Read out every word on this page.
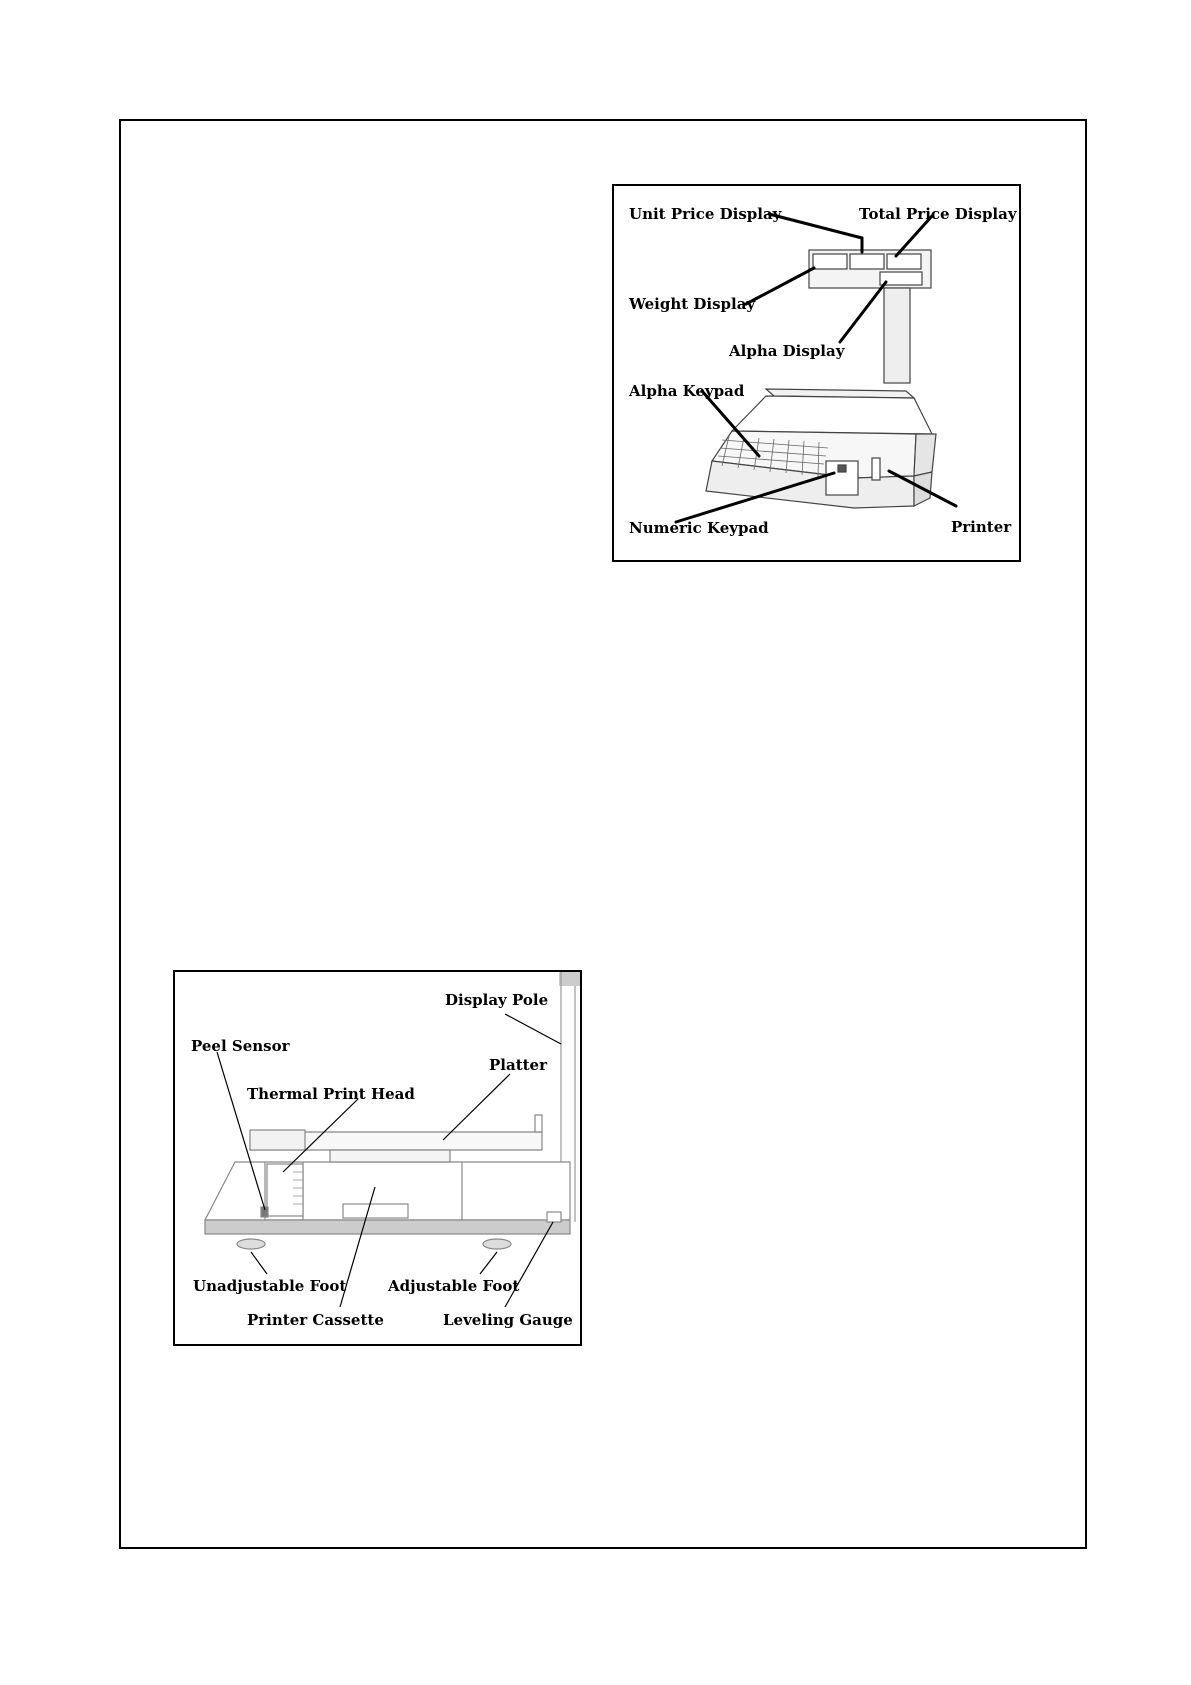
Unit Price Display	Total Price Display
Weight Display
Alpha Display
Alpha Keypad
Numeric Keypad	Printer
Display Pole
Peel Sensor
Platter
Thermal Print Head
Unadjustable Foot	Adjustable Foot
Printer Cassette	Leveling Gauge
